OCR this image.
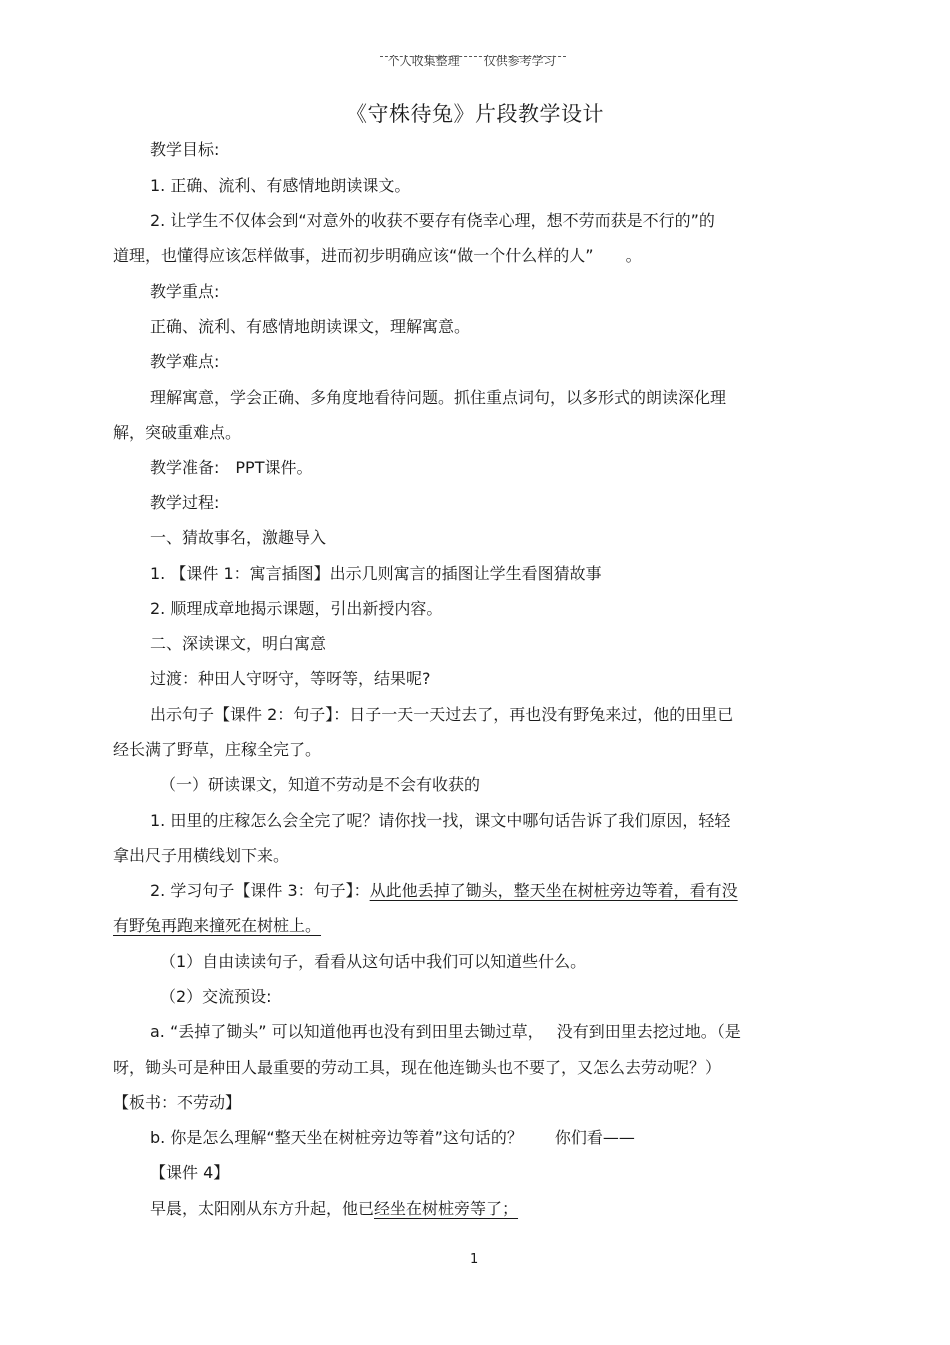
个人收集整理　　 仅供参考学习

《守株待兔》片段教学设计
教学目标:
1. 正确、流利、有感情地朗读课文。
2. 让学生不仅体会到“对意外的收获不要存有侥幸心理，想不劳而获是不行的”的
道理，也懂得应该怎样做事，进而初步明确应该“做一个什么样的人”　　。
教学重点:
正确、流利、有感情地朗读课文，理解寓意。
教学难点:
理解寓意，学会正确、多角度地看待问题。抓住重点词句，以多形式的朗读深化理
解，突破重难点。
教学准备:　PPT课件。
教学过程:
一、猜故事名，激趣导入
1. 【课件 1：寓言插图】出示几则寓言的插图让学生看图猜故事
2. 顺理成章地揭示课题，引出新授内容。
二、深读课文，明白寓意
过渡：种田人守呀守，等呀等，结果呢?
出示句子【课件 2：句子】：日子一天一天过去了，再也没有野兔来过，他的田里已
经长满了野草，庄稼全完了。
（一）研读课文，知道不劳动是不会有收获的
1. 田里的庄稼怎么会全完了呢？请你找一找，课文中哪句话告诉了我们原因，轻轻
拿出尺子用横线划下来。
2. 学习句子【课件 3：句子】：从此他丢掉了锄头，整天坐在树桩旁边等着，看有没
有野兔再跑来撞死在树桩上。
（1）自由读读句子，看看从这句话中我们可以知道些什么。
（2）交流预设:
a. “丢掉了锄头” 可以知道他再也没有到田里去锄过草，　 没有到田里去挖过地。（是
呀，锄头可是种田人最重要的劳动工具，现在他连锄头也不要了，又怎么去劳动呢？）
【板书：不劳动】
b. 你是怎么理解“整天坐在树桩旁边等着”这句话的？　　你们看——
【课件 4】
早晨，太阳刚从东方升起，他已经坐在树桩旁等了；
1
